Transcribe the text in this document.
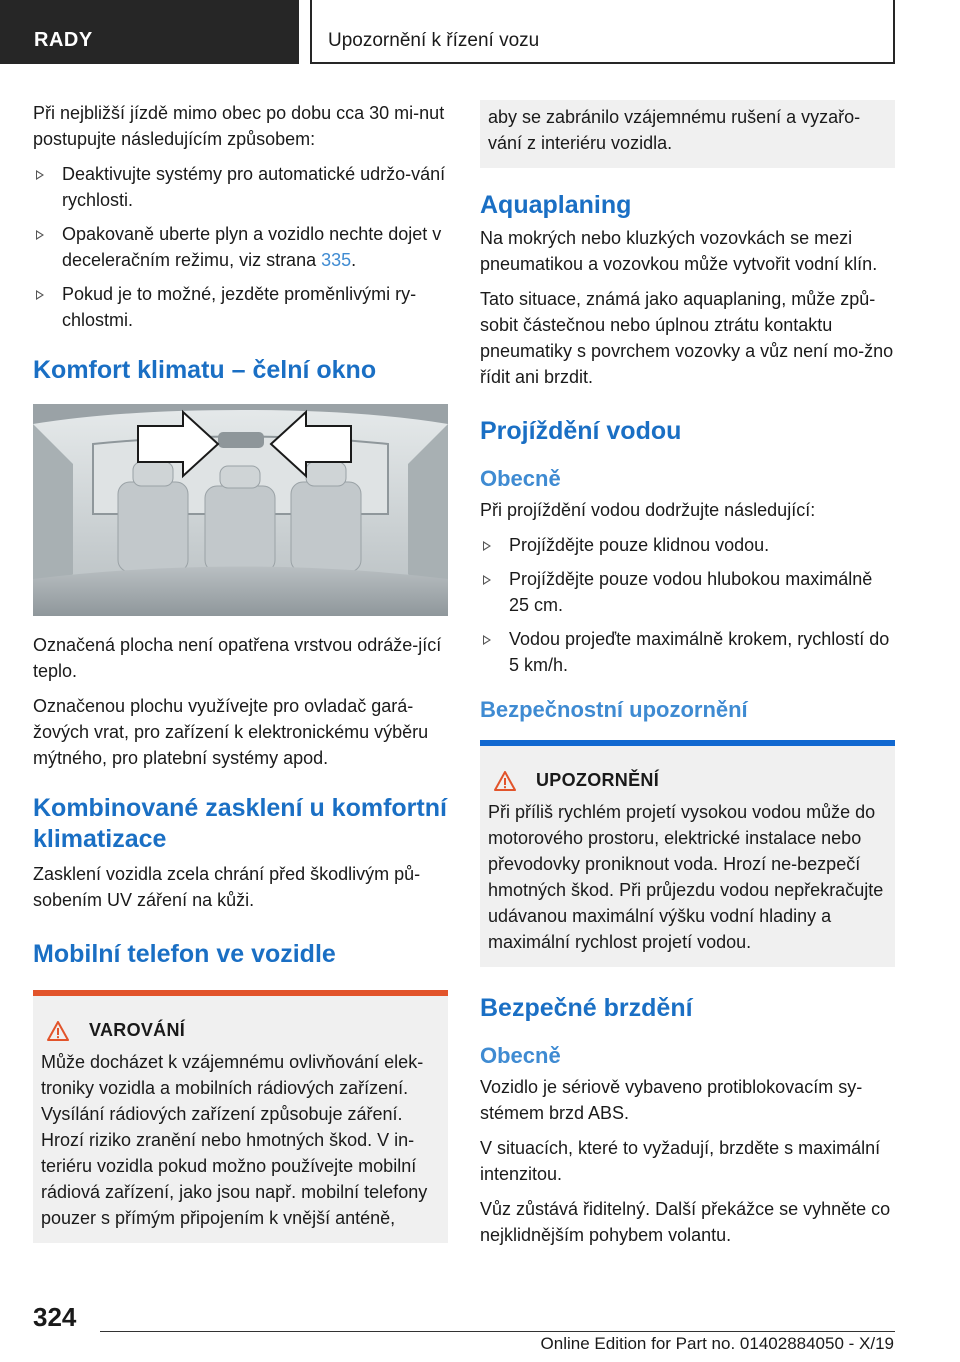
RADY	Upozornění k řízení vozu

Při nejbližší jízdě mimo obec po dobu cca 30 mi-nut postupujte následujícím způsobem:

Deaktivujte systémy pro automatické udržo-vání rychlosti.
Opakovaně uberte plyn a vozidlo nechte dojet v deceleračním režimu, viz strana 335.
Pokud je to možné, jezděte proměnlivými ry-chlostmi.
Komfort klimatu – čelní okno

Označená plocha není opatřena vrstvou odráže-jící teplo.

Označenou plochu využívejte pro ovladač gará-žových vrat, pro zařízení k elektronickému výběru mýtného, pro platební systémy apod.

Kombinované zasklení u komfortní klimatizace

Zasklení vozidla zcela chrání před škodlivým pů-sobením UV záření na kůži.

Mobilní telefon ve vozidle
VAROVÁNÍ

Může docházet k vzájemnému ovlivňování elek-troniky vozidla a mobilních rádiových zařízení. Vysílání rádiových zařízení způsobuje záření. Hrozí riziko zranění nebo hmotných škod. V in-teriéru vozidla pokud možno používejte mobilní rádiová zařízení, jako jsou např. mobilní telefony pouzer s přímým připojením k vnější anténě,

aby se zabránilo vzájemnému rušení a vyzařo-vání z interiéru vozidla.

Aquaplaning

Na mokrých nebo kluzkých vozovkách se mezi pneumatikou a vozovkou může vytvořit vodní klín.

Tato situace, známá jako aquaplaning, může způ-sobit částečnou nebo úplnou ztrátu kontaktu pneumatiky s povrchem vozovky a vůz není mo-žno řídit ani brzdit.

Projíždění vodou
Obecně

Při projíždění vodou dodržujte následující:

Projíždějte pouze klidnou vodou.
Projíždějte pouze vodou hlubokou maximálně 25 cm.
Vodou projeďte maximálně krokem, rychlostí do 5 km/h.
Bezpečnostní upozornění
UPOZORNĚNÍ

Při příliš rychlém projetí vysokou vodou může do motorového prostoru, elektrické instalace nebo převodovky proniknout voda. Hrozí ne-bezpečí hmotných škod. Při průjezdu vodou nepřekračujte udávanou maximální výšku vodní hladiny a maximální rychlost projetí vodou.

Bezpečné brzdění
Obecně

Vozidlo je sériově vybaveno protiblokovacím sy-stémem brzd ABS.

V situacích, které to vyžadují, brzděte s maximální intenzitou.

Vůz zůstává řiditelný. Další překážce se vyhněte co nejklidnějším pohybem volantu.

324
Online Edition for Part no. 01402884050 - X/19
